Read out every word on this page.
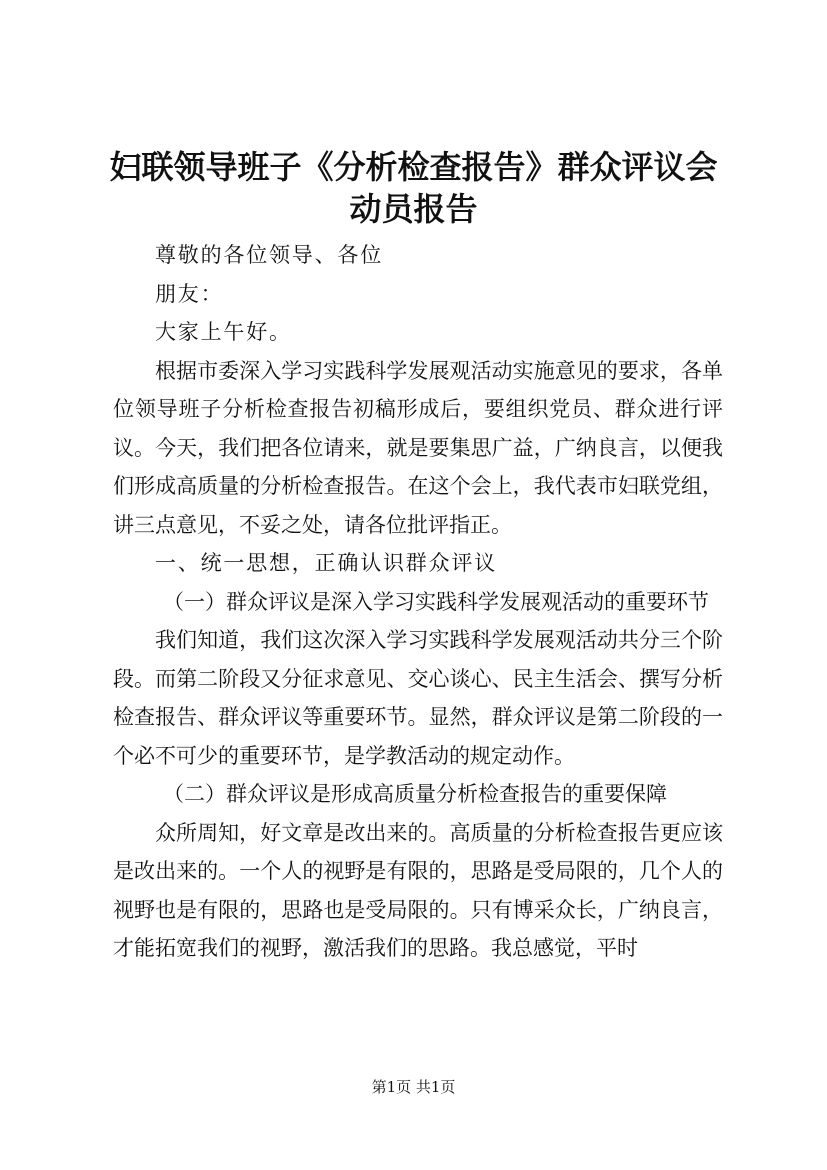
妇联领导班子《分析检查报告》群众评议会动员报告

尊敬的各位领导、各位

朋友：

大家上午好。

根据市委深入学习实践科学发展观活动实施意见的要求，各单位领导班子分析检查报告初稿形成后，要组织党员、群众进行评议。今天，我们把各位请来，就是要集思广益，广纳良言，以便我们形成高质量的分析检查报告。在这个会上，我代表市妇联党组，讲三点意见，不妥之处，请各位批评指正。

一、统一思想，正确认识群众评议

（一）群众评议是深入学习实践科学发展观活动的重要环节

我们知道，我们这次深入学习实践科学发展观活动共分三个阶段。而第二阶段又分征求意见、交心谈心、民主生活会、撰写分析检查报告、群众评议等重要环节。显然，群众评议是第二阶段的一个必不可少的重要环节，是学教活动的规定动作。

（二）群众评议是形成高质量分析检查报告的重要保障

众所周知，好文章是改出来的。高质量的分析检查报告更应该是改出来的。一个人的视野是有限的，思路是受局限的，几个人的视野也是有限的，思路也是受局限的。只有博采众长，广纳良言，才能拓宽我们的视野，激活我们的思路。我总感觉，平时

第1页 共1页
